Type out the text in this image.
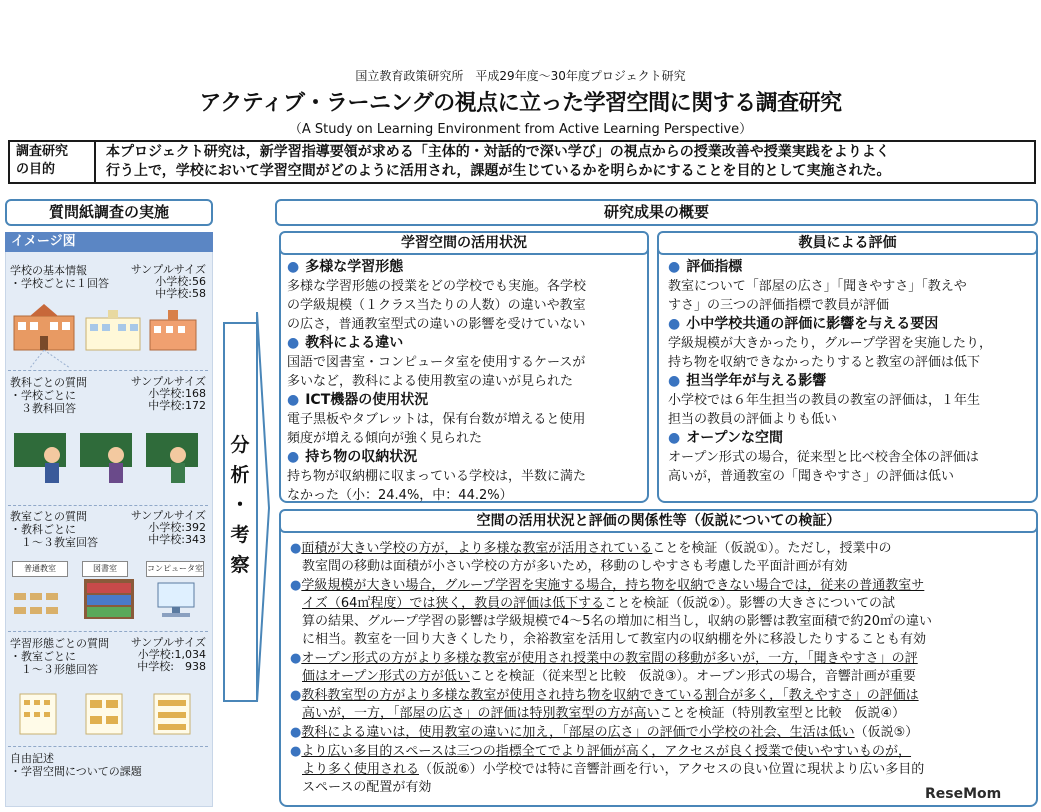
国立教育政策研究所　平成29年度～30年度プロジェクト研究
アクティブ・ラーニングの視点に立った学習空間に関する調査研究
（A Study on Learning Environment from Active Learning Perspective）
調査研究
の目的
本プロジェクト研究は，新学習指導要領が求める「主体的・対話的で深い学び」の視点からの授業改善や授業実践をよりよく
行う上で，学校において学習空間がどのように活用され，課題が生じているかを明らかにすることを目的として実施された。
質問紙調査の実施
イメージ図
学校の基本情報
・学校ごとに１回答
サンプルサイズ
小学校:56
中学校:58
教科ごとの質問
・学校ごとに
　３教科回答
サンプルサイズ
小学校:168
中学校:172
教室ごとの質問
・教科ごとに
　１～３教室回答
サンプルサイズ
小学校:392
中学校:343
普通教室	図書室	コンピュータ室
学習形態ごとの質問
・教室ごとに
　１～３形態回答
サンプルサイズ
小学校:1,034
中学校:　938
自由記述
・学習空間についての課題
分
析
・
考
察
研究成果の概要
学習空間の活用状況
● 多様な学習形態
多様な学習形態の授業をどの学校でも実施。各学校
の学級規模（１クラス当たりの人数）の違いや教室
の広さ，普通教室型式の違いの影響を受けていない
● 教科による違い
国語で図書室・コンピュータ室を使用するケースが
多いなど，教科による使用教室の違いが見られた
● ICT機器の使用状況
電子黒板やタブレットは，保有台数が増えると使用
頻度が増える傾向が強く見られた
● 持ち物の収納状況
持ち物が収納棚に収まっている学校は，半数に満た
なかった（小：24.4%，中：44.2%）
教員による評価
● 評価指標
教室について「部屋の広さ」「聞きやすさ」「教えや
すさ」の三つの評価指標で教員が評価
● 小中学校共通の評価に影響を与える要因
学級規模が大きかったり，グループ学習を実施したり，
持ち物を収納できなかったりすると教室の評価は低下
● 担当学年が与える影響
小学校では６年生担当の教員の教室の評価は，１年生
担当の教員の評価よりも低い
● オープンな空間
オープン形式の場合，従来型と比べ校舎全体の評価は
高いが，普通教室の「聞きやすさ」の評価は低い
空間の活用状況と評価の関係性等（仮説についての検証）
●面積が大きい学校の方が，より多様な教室が活用されていることを検証（仮説①）。ただし，授業中の
教室間の移動は面積が小さい学校の方が多いため，移動のしやすさも考慮した平面計画が有効
●学級規模が大きい場合，グループ学習を実施する場合，持ち物を収納できない場合では，従来の普通教室サ
イズ（64㎡程度）では狭く，教員の評価は低下することを検証（仮説②）。影響の大きさについての試
算の結果、グループ学習の影響は学級規模で4～5名の増加に相当し，収納の影響は教室面積で約20㎡の違い
に相当。教室を一回り大きくしたり，余裕教室を活用して教室内の収納棚を外に移設したりすることも有効
●オープン形式の方がより多様な教室が使用され授業中の教室間の移動が多いが，一方，「聞きやすさ」の評
価はオープン形式の方が低いことを検証（従来型と比較　仮説③）。オープン形式の場合，音響計画が重要
●教科教室型の方がより多様な教室が使用され持ち物を収納できている割合が多く，「教えやすさ」の評価は
高いが，一方，「部屋の広さ」の評価は特別教室型の方が高いことを検証（特別教室型と比較　仮説④）
●教科による違いは，使用教室の違いに加え，「部屋の広さ」の評価で小学校の社会、生活は低い（仮説⑤）
●より広い多目的スペースは三つの指標全てでより評価が高く，アクセスが良く授業で使いやすいものが，
より多く使用される（仮説⑥）小学校では特に音響計画を行い，アクセスの良い位置に現状より広い多目的
スペースの配置が有効	ReseMom
